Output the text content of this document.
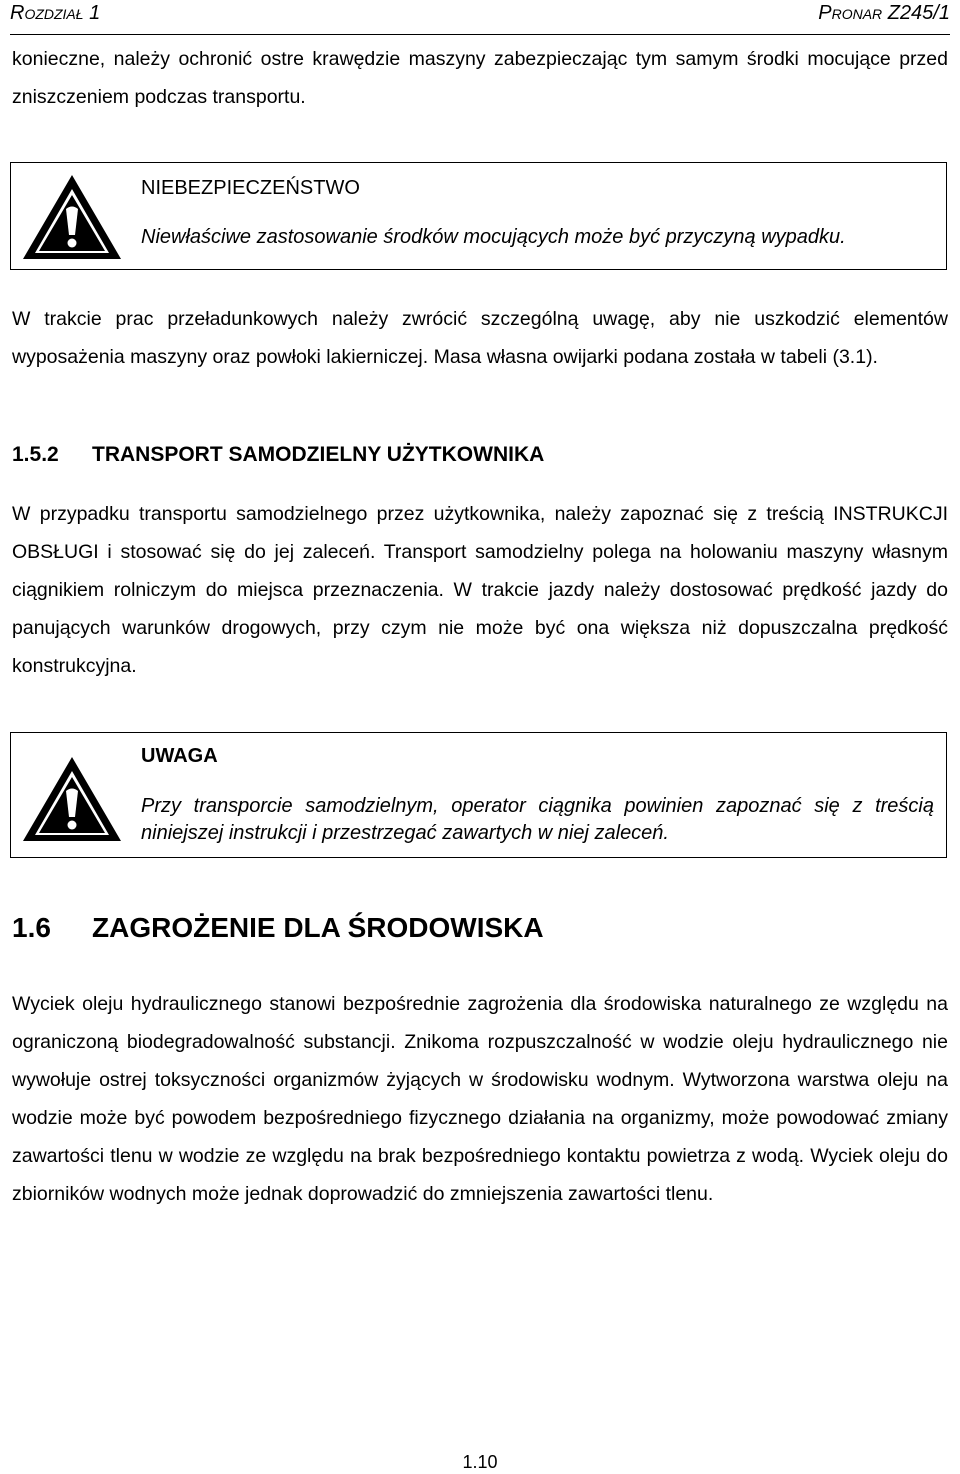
Rozdział 1	Pronar Z245/1

konieczne, należy ochronić ostre krawędzie maszyny zabezpieczając tym samym środki mocujące przed zniszczeniem podczas transportu.

NIEBEZPIECZEŃSTWO
Niewłaściwe zastosowanie środków mocujących może być przyczyną wypadku.

W trakcie prac przeładunkowych należy zwrócić szczególną uwagę, aby nie uszkodzić elementów wyposażenia maszyny oraz powłoki lakierniczej. Masa własna owijarki podana została w tabeli (3.1).

1.5.2 TRANSPORT SAMODZIELNY UŻYTKOWNIKA

W przypadku transportu samodzielnego przez użytkownika, należy zapoznać się z treścią INSTRUKCJI OBSŁUGI i stosować się do jej zaleceń. Transport samodzielny polega na holowaniu maszyny własnym ciągnikiem rolniczym do miejsca przeznaczenia. W trakcie jazdy należy dostosować prędkość jazdy do panujących warunków drogowych, przy czym nie może być ona większa niż dopuszczalna prędkość konstrukcyjna.

UWAGA
Przy transporcie samodzielnym, operator ciągnika powinien zapoznać się z treścią niniejszej instrukcji i przestrzegać zawartych w niej zaleceń.
1.6 ZAGROŻENIE DLA ŚRODOWISKA

Wyciek oleju hydraulicznego stanowi bezpośrednie zagrożenia dla środowiska naturalnego ze względu na ograniczoną biodegradowalność substancji. Znikoma rozpuszczalność w wodzie oleju hydraulicznego nie wywołuje ostrej toksyczności organizmów żyjących w środowisku wodnym. Wytworzona warstwa oleju na wodzie może być powodem bezpośredniego fizycznego działania na organizmy, może powodować zmiany zawartości tlenu w wodzie ze względu na brak bezpośredniego kontaktu powietrza z wodą. Wyciek oleju do zbiorników wodnych może jednak doprowadzić do zmniejszenia zawartości tlenu.

1.10
